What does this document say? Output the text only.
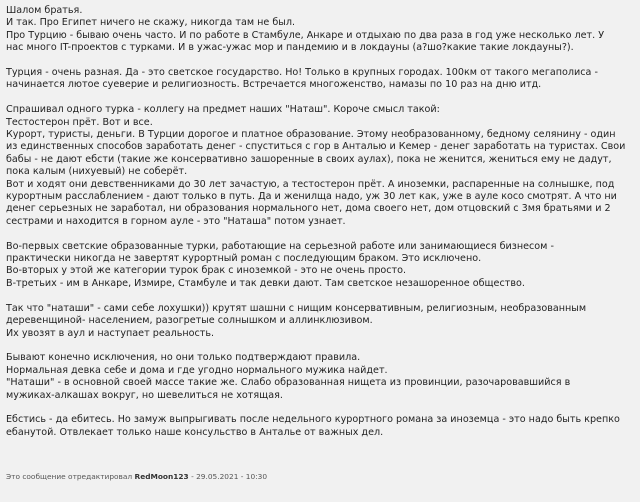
Шалом братья.
И так. Про Египет ничего не скажу, никогда там не был.
Про Турцию - бываю очень часто. И по работе в Стамбуле, Анкаре и отдыхаю по два раза в год уже несколько лет. У
нас много IT-проектов с турками. И в ужас-ужас мор и пандемию и в локдауны (а?шо?какие такие локдауны?).

Турция - очень разная. Да - это светское государство. Но! Только в крупных городах. 100км от такого мегаполиса -
начинается лютое суеверие и религиозность. Встречается многоженство, намазы по 10 раз на дню итд.

Спрашивал одного турка - коллегу на предмет наших "Наташ". Короче смысл такой:
Тестостерон прёт. Вот и все.
Курорт, туристы, деньги. В Турции дорогое и платное образование. Этому необразованному, бедному селянину - один
из единственных способов заработать денег - спуститься с гор в Анталью и Кемер - денег заработать на туристах. Свои
бабы - не дают ебсти (такие же консервативно зашоренные в своих аулах), пока не женится, жениться ему не дадут,
пока калым (нихуевый) не соберёт.
Вот и ходят они девственниками до 30 лет зачастую, а тестостерон прёт. А иноземки, распаренные на солнышке, под
курортным расслаблением - дают только в путь. Да и женилща надо, уж 30 лет как, уже в ауле косо смотрят. А что ни
денег серьезных не заработал, ни образования нормального нет, дома своего нет, дом отцовский с 3мя братьями и 2
сестрами и находится в горном ауле - это "Наташа" потом узнает.

Во-первых светские образованные турки, работающие на серьезной работе или занимающиеся бизнесом -
практически никогда не завертят курортный роман с последующим браком. Это исключено.
Во-вторых у этой же категории турок брак с иноземкой - это не очень просто.
В-третьих - им в Анкаре, Измире, Стамбуле и так девки дают. Там светское незашоренное общество.

Так что "наташи" - сами себе лохушки)) крутят шашни с нищим консервативным, религиозным, необразованным
деревенщиной- населением, разогретые солнышком и аллинклюзивом.
Их увозят в аул и наступает реальность.

Бывают конечно исключения, но они только подтверждают правила.
Нормальная девка себе и дома и где угодно нормального мужика найдет.
"Наташи" - в основной своей массе такие же. Слабо образованная нищета из провинции, разочаровавшийся в
мужиках-алкашах вокруг, но шевелиться не хотящая.

Ебстись - да ебитесь. Но замуж выпрыгивать после недельного курортного романа за иноземца - это надо быть крепко
ебанутой. Отвлекает только наше консульство в Анталье от важных дел.

Это сообщение отредактировал RedMoon123 - 29.05.2021 - 10:30
